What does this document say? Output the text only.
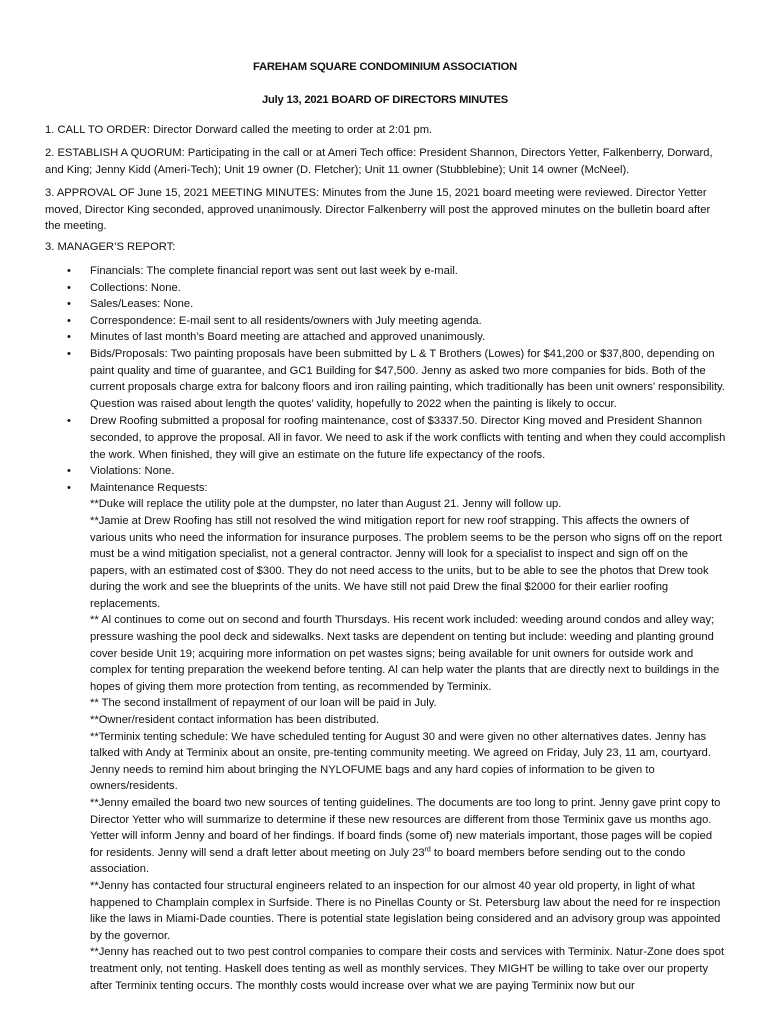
FAREHAM SQUARE CONDOMINIUM ASSOCIATION
July 13, 2021 BOARD OF DIRECTORS MINUTES

1. CALL TO ORDER: Director Dorward called the meeting to order at 2:01 pm.

2. ESTABLISH A QUORUM: Participating in the call or at Ameri Tech office: President Shannon, Directors Yetter, Falkenberry, Dorward, and King; Jenny Kidd (Ameri-Tech); Unit 19 owner (D. Fletcher); Unit 11 owner (Stubblebine); Unit 14 owner (McNeel).

3. APPROVAL OF June 15, 2021 MEETING MINUTES: Minutes from the June 15, 2021 board meeting were reviewed. Director Yetter moved, Director King seconded, approved unanimously. Director Falkenberry will post the approved minutes on the bulletin board after the meeting.

3. MANAGER’S REPORT:

• Financials: The complete financial report was sent out last week by e-mail.
• Collections: None.
• Sales/Leases: None.
• Correspondence: E-mail sent to all residents/owners with July meeting agenda.
• Minutes of last month’s Board meeting are attached and approved unanimously.
• Bids/Proposals: Two painting proposals have been submitted by L & T Brothers (Lowes) for $41,200 or $37,800, depending on paint quality and time of guarantee, and GC1 Building for $47,500. Jenny as asked two more companies for bids. Both of the current proposals charge extra for balcony floors and iron railing painting, which traditionally has been unit owners’ responsibility. Question was raised about length the quotes’ validity, hopefully to 2022 when the painting is likely to occur.
• Drew Roofing submitted a proposal for roofing maintenance, cost of $3337.50. Director King moved and President Shannon seconded, to approve the proposal. All in favor. We need to ask if the work conflicts with tenting and when they could accomplish the work. When finished, they will give an estimate on the future life expectancy of the roofs.
• Violations: None.
• Maintenance Requests:

**Duke will replace the utility pole at the dumpster, no later than August 21. Jenny will follow up.

**Jamie at Drew Roofing has still not resolved the wind mitigation report for new roof strapping. This affects the owners of various units who need the information for insurance purposes. The problem seems to be the person who signs off on the report must be a wind mitigation specialist, not a general contractor. Jenny will look for a specialist to inspect and sign off on the papers, with an estimated cost of $300. They do not need access to the units, but to be able to see the photos that Drew took during the work and see the blueprints of the units. We have still not paid Drew the final $2000 for their earlier roofing replacements.

** Al continues to come out on second and fourth Thursdays. His recent work included: weeding around condos and alley way; pressure washing the pool deck and sidewalks. Next tasks are dependent on tenting but include: weeding and planting ground cover beside Unit 19; acquiring more information on pet wastes signs; being available for unit owners for outside work and complex for tenting preparation the weekend before tenting. Al can help water the plants that are directly next to buildings in the hopes of giving them more protection from tenting, as recommended by Terminix.

** The second installment of repayment of our loan will be paid in July.

**Owner/resident contact information has been distributed.

**Terminix tenting schedule: We have scheduled tenting for August 30 and were given no other alternatives dates. Jenny has talked with Andy at Terminix about an onsite, pre-tenting community meeting. We agreed on Friday, July 23, 11 am, courtyard. Jenny needs to remind him about bringing the NYLOFUME bags and any hard copies of information to be given to owners/residents.

**Jenny emailed the board two new sources of tenting guidelines. The documents are too long to print. Jenny gave print copy to Director Yetter who will summarize to determine if these new resources are different from those Terminix gave us months ago. Yetter will inform Jenny and board of her findings. If board finds (some of) new materials important, those pages will be copied for residents. Jenny will send a draft letter about meeting on July 23rd to board members before sending out to the condo association.

**Jenny has contacted four structural engineers related to an inspection for our almost 40 year old property, in light of what happened to Champlain complex in Surfside. There is no Pinellas County or St. Petersburg law about the need for re inspection like the laws in Miami-Dade counties. There is potential state legislation being considered and an advisory group was appointed by the governor.

**Jenny has reached out to two pest control companies to compare their costs and services with Terminix. Natur-Zone does spot treatment only, not tenting. Haskell does tenting as well as monthly services. They MIGHT be willing to take over our property after Terminix tenting occurs. The monthly costs would increase over what we are paying Terminix now but our
